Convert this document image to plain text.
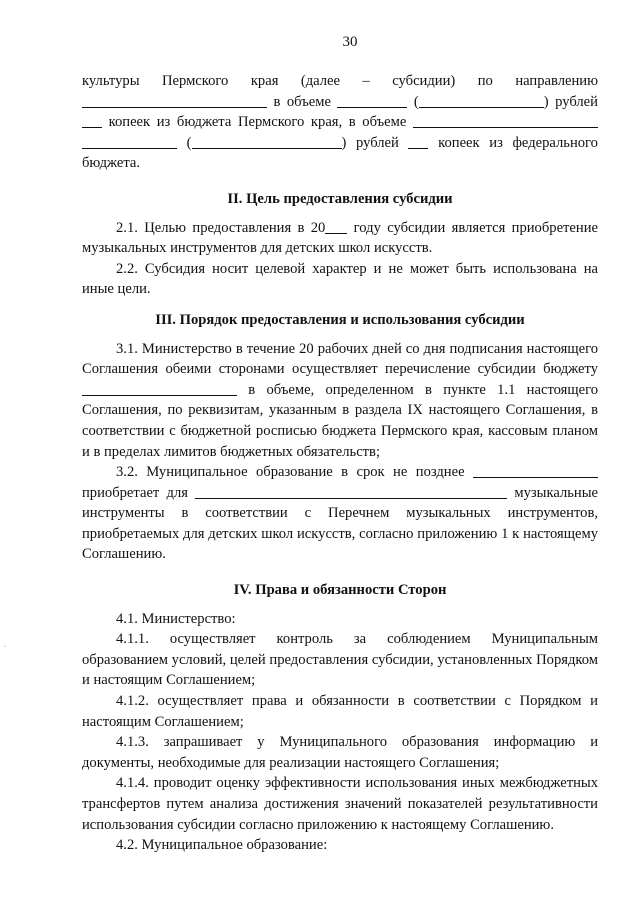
·
30

культуры Пермского края (далее – субсидии) по направлению

в объеме	(	) рублей

копеек из бюджета Пермского края, в объеме

(	) рублей	копеек из федерального

бюджета.

II. Цель предоставления субсидии

2.1. Целью предоставления в 20 году субсидии является приобретение музыкальных инструментов для детских школ искусств.

2.2. Субсидия носит целевой характер и не может быть использована на иные цели.

III. Порядок предоставления и использования субсидии

3.1. Министерство в течение 20 рабочих дней со дня подписания настоящего Соглашения обеими сторонами осуществляет перечисление субсидии бюджету  в объеме, определенном в пункте 1.1 настоящего Соглашения, по реквизитам, указанным в раздела IX настоящего Соглашения, в соответствии с бюджетной росписью бюджета Пермского края, кассовым планом и в пределах лимитов бюджетных обязательств;

3.2. Муниципальное образование в срок не позднее  приобретает для	музыкальные инструменты в соответствии с Перечнем музыкальных инструментов, приобретаемых для детских школ искусств, согласно приложению 1 к настоящему Соглашению.

IV. Права и обязанности Сторон

4.1. Министерство:

4.1.1. осуществляет контроль за соблюдением Муниципальным образованием условий, целей предоставления субсидии, установленных Порядком и настоящим Соглашением;

4.1.2. осуществляет права и обязанности в соответствии с Порядком и настоящим Соглашением;

4.1.3. запрашивает у Муниципального образования информацию и документы, необходимые для реализации настоящего Соглашения;

4.1.4. проводит оценку эффективности использования иных межбюджетных трансфертов путем анализа достижения значений показателей результативности использования субсидии согласно приложению к настоящему Соглашению.

4.2. Муниципальное образование:
